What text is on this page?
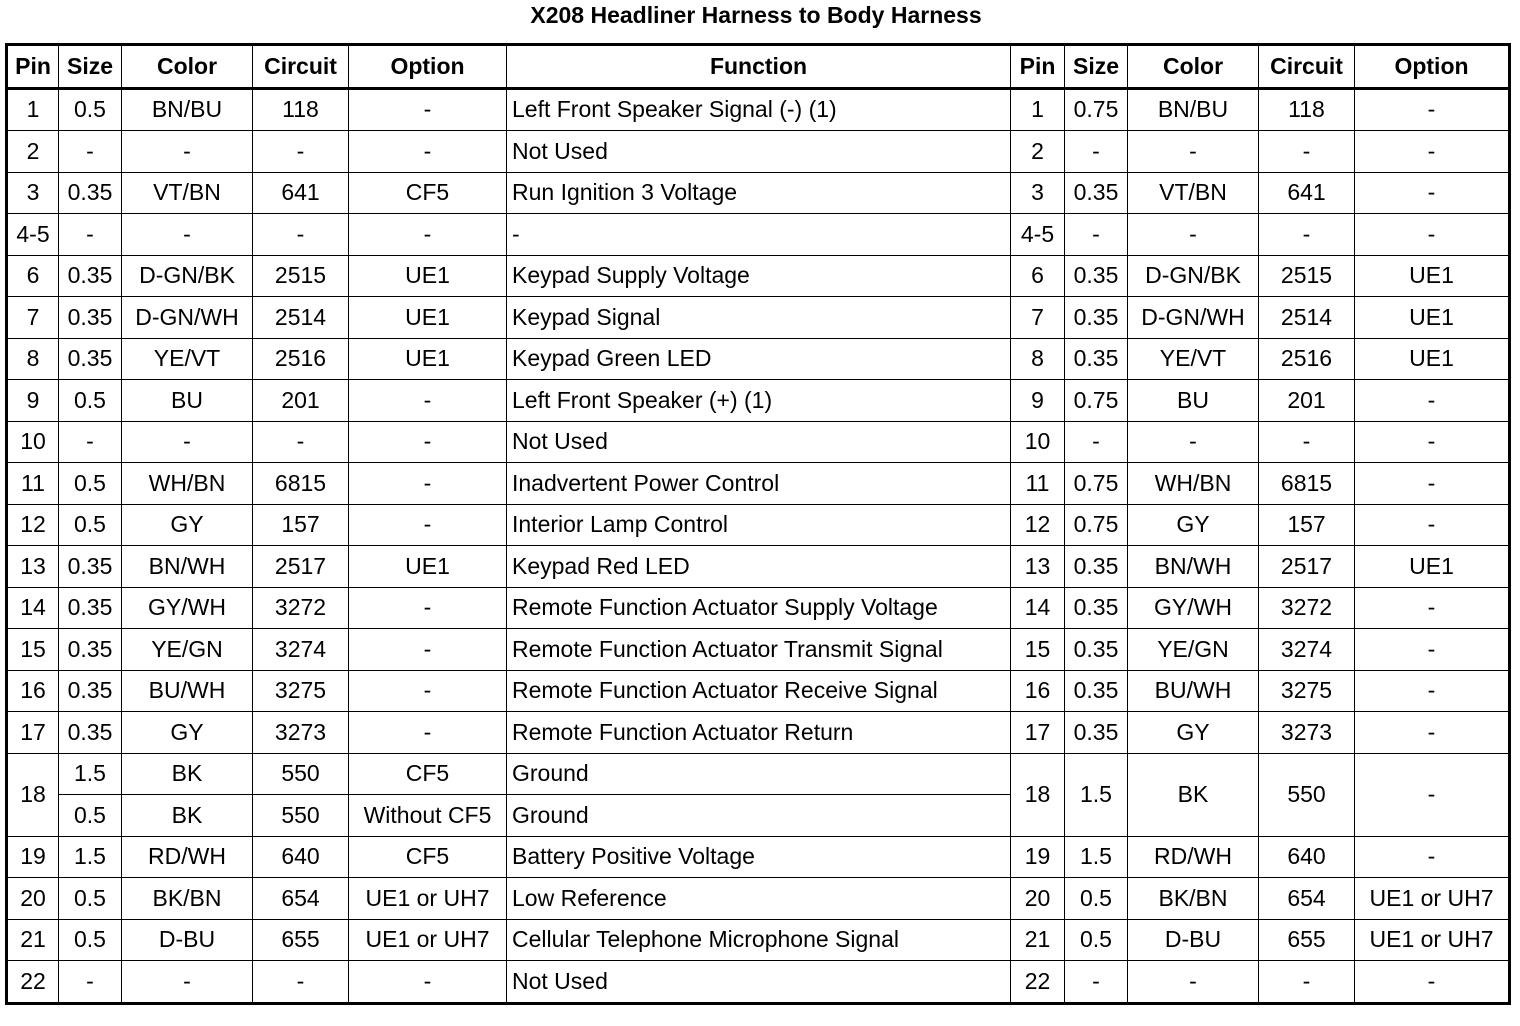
X208 Headliner Harness to Body Harness
Pin	Size	Color	Circuit	Option	Function	Pin	Size	Color	Circuit	Option
1	0.5	BN/BU	118	-	Left Front Speaker Signal (-) (1)	1	0.75	BN/BU	118	-
2	-	-	-	-	Not Used	2	-	-	-	-
3	0.35	VT/BN	641	CF5	Run Ignition 3 Voltage	3	0.35	VT/BN	641	-
4-5	-	-	-	-	-	4-5	-	-	-	-
6	0.35	D-GN/BK	2515	UE1	Keypad Supply Voltage	6	0.35	D-GN/BK	2515	UE1
7	0.35	D-GN/WH	2514	UE1	Keypad Signal	7	0.35	D-GN/WH	2514	UE1
8	0.35	YE/VT	2516	UE1	Keypad Green LED	8	0.35	YE/VT	2516	UE1
9	0.5	BU	201	-	Left Front Speaker (+) (1)	9	0.75	BU	201	-
10	-	-	-	-	Not Used	10	-	-	-	-
11	0.5	WH/BN	6815	-	Inadvertent Power Control	11	0.75	WH/BN	6815	-
12	0.5	GY	157	-	Interior Lamp Control	12	0.75	GY	157	-
13	0.35	BN/WH	2517	UE1	Keypad Red LED	13	0.35	BN/WH	2517	UE1
14	0.35	GY/WH	3272	-	Remote Function Actuator Supply Voltage	14	0.35	GY/WH	3272	-
15	0.35	YE/GN	3274	-	Remote Function Actuator Transmit Signal	15	0.35	YE/GN	3274	-
16	0.35	BU/WH	3275	-	Remote Function Actuator Receive Signal	16	0.35	BU/WH	3275	-
17	0.35	GY	3273	-	Remote Function Actuator Return	17	0.35	GY	3273	-
18	1.5	BK	550	CF5	Ground	18	1.5	BK	550	-
	0.5	BK	550	Without CF5	Ground					
19	1.5	RD/WH	640	CF5	Battery Positive Voltage	19	1.5	RD/WH	640	-
20	0.5	BK/BN	654	UE1 or UH7	Low Reference	20	0.5	BK/BN	654	UE1 or UH7
21	0.5	D-BU	655	UE1 or UH7	Cellular Telephone Microphone Signal	21	0.5	D-BU	655	UE1 or UH7
22	-	-	-	-	Not Used	22	-	-	-	-
